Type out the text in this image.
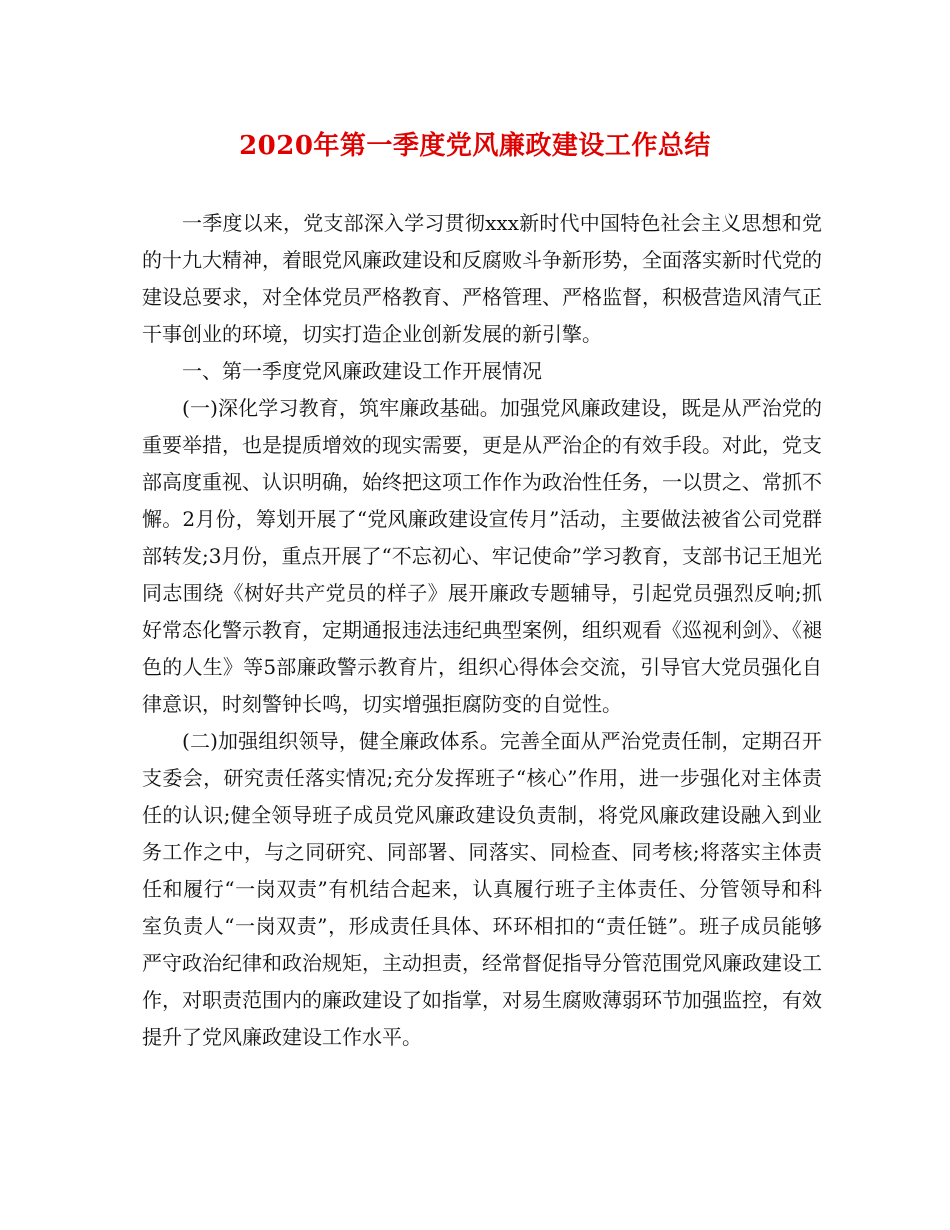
2020年第一季度党风廉政建设工作总结

一季度以来，党支部深入学习贯彻xxx新时代中国特色社会主义思想和党的十九大精神，着眼党风廉政建设和反腐败斗争新形势，全面落实新时代党的建设总要求，对全体党员严格教育、严格管理、严格监督，积极营造风清气正干事创业的环境，切实打造企业创新发展的新引擎。

一、第一季度党风廉政建设工作开展情况

(一)深化学习教育，筑牢廉政基础。加强党风廉政建设，既是从严治党的重要举措，也是提质增效的现实需要，更是从严治企的有效手段。对此，党支部高度重视、认识明确，始终把这项工作作为政治性任务，一以贯之、常抓不懈。2月份，筹划开展了“党风廉政建设宣传月”活动，主要做法被省公司党群部转发;3月份，重点开展了“不忘初心、牢记使命”学习教育，支部书记王旭光同志围绕《树好共产党员的样子》展开廉政专题辅导，引起党员强烈反响;抓好常态化警示教育，定期通报违法违纪典型案例，组织观看《巡视利剑》、《褪色的人生》等5部廉政警示教育片，组织心得体会交流，引导官大党员强化自律意识，时刻警钟长鸣，切实增强拒腐防变的自觉性。

(二)加强组织领导，健全廉政体系。完善全面从严治党责任制，定期召开支委会，研究责任落实情况;充分发挥班子“核心”作用，进一步强化对主体责任的认识;健全领导班子成员党风廉政建设负责制，将党风廉政建设融入到业务工作之中，与之同研究、同部署、同落实、同检查、同考核;将落实主体责任和履行“一岗双责”有机结合起来，认真履行班子主体责任、分管领导和科室负责人“一岗双责”，形成责任具体、环环相扣的“责任链”。班子成员能够严守政治纪律和政治规矩，主动担责，经常督促指导分管范围党风廉政建设工作，对职责范围内的廉政建设了如指掌，对易生腐败薄弱环节加强监控，有效提升了党风廉政建设工作水平。
